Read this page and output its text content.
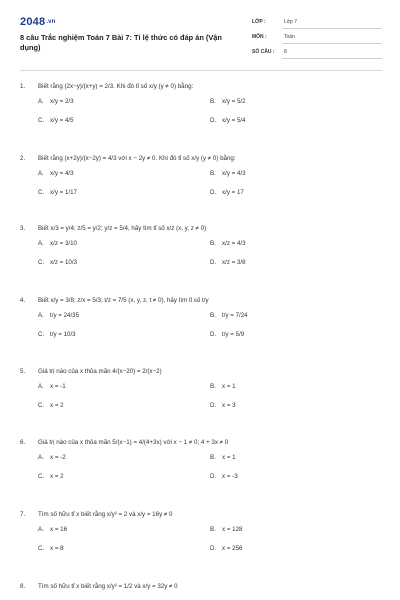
2048.vn
8 câu Trắc nghiệm Toán 7 Bài 7: Tỉ lệ thức có đáp án (Vận dụng)
LỚP :	Lớp 7
MÔN :	Toán
SỐ CÂU : 8
1. Biết rằng (2x−y)/(x+y) = 2/3. Khi đó tỉ số x/y (y ≠ 0) bằng:
A. x/y = 2/3	B. x/y = 5/2
C. x/y = 4/5	D. x/y = 5/4
2. Biết rằng (x+2y)/(x−2y) = 4/3 với x − 2y ≠ 0. Khi đó tỉ số x/y (y ≠ 0) bằng:
A. x/y = 4/3	B. x/y = 4/3
C. x/y = 1/17	D. x/y = 17
3. Biết x/3 = y/4; z/5 = y/2; y/z = 5/4, hãy tìm tỉ số x/z (x, y, z ≠ 0)
A. x/z = 3/10	B. x/z = 4/3
C. x/z = 10/3	D. x/z = 3/8
4. Biết x/y = 3/8; z/x = 5/3; t/z = 7/5 (x, y, z, t ≠ 0), hãy tìm tỉ số t/y
A. t/y = 24/35	B. t/y = 7/24
C. t/y = 10/3	D. t/y = 5/9
5. Giá trị nào của x thỏa mãn 4/(x−20) = 2/(x−2)
A. x = -1	B. x = 1
C. x = 2	D. x = 3
6. Giá trị nào của x thỏa mãn 5/(x−1) = 4/(4+3x) với x − 1 ≠ 0; 4 + 3x ≠ 0
A. x = -2	B. x = 1
C. x = 2	D. x = -3
7. Tìm số hữu tỉ x biết rằng x/y² = 2 và x/y = 16y ≠ 0
A. x = 16	B. x = 128
C. x = 8	D. x = 256
8. Tìm số hữu tỉ x biết rằng x/y² = 1/2 và x/y = 32y ≠ 0
